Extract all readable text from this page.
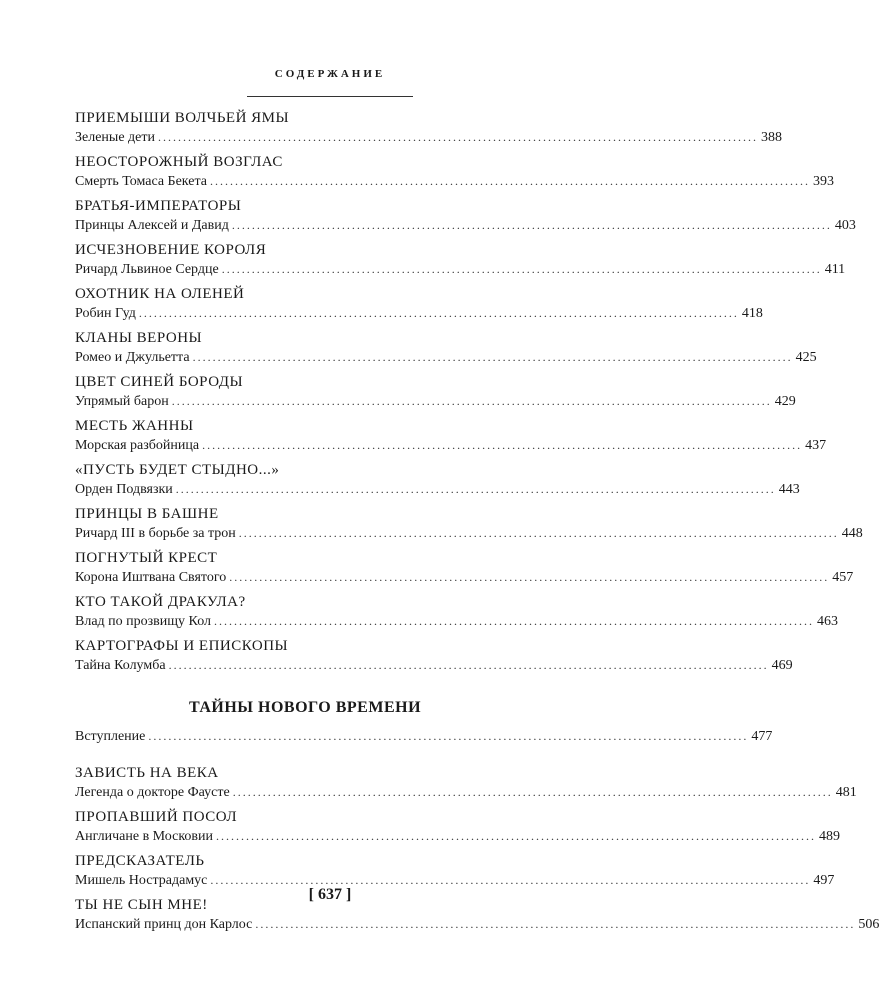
СОДЕРЖАНИЕ
ПРИЕМЫШИ ВОЛЧЬЕЙ ЯМЫ
Зеленые дети ........................................................................................................................ 388
НЕОСТОРОЖНЫЙ ВОЗГЛАС
Смерть Томаса Бекета ........................................................................................................................ 393
БРАТЬЯ-ИМПЕРАТОРЫ
Принцы Алексей и Давид ........................................................................................................................ 403
ИСЧЕЗНОВЕНИЕ КОРОЛЯ
Ричард Львиное Сердце ........................................................................................................................ 411
ОХОТНИК НА ОЛЕНЕЙ
Робин Гуд ........................................................................................................................ 418
КЛАНЫ ВЕРОНЫ
Ромео и Джульетта ........................................................................................................................ 425
ЦВЕТ СИНЕЙ БОРОДЫ
Упрямый барон ........................................................................................................................ 429
МЕСТЬ ЖАННЫ
Морская разбойница ........................................................................................................................ 437
«ПУСТЬ БУДЕТ СТЫДНО...»
Орден Подвязки ........................................................................................................................ 443
ПРИНЦЫ В БАШНЕ
Ричард III в борьбе за трон ........................................................................................................................ 448
ПОГНУТЫЙ КРЕСТ
Корона Иштвана Святого ........................................................................................................................ 457
КТО ТАКОЙ ДРАКУЛА?
Влад по прозвищу Кол ........................................................................................................................ 463
КАРТОГРАФЫ И ЕПИСКОПЫ
Тайна Колумба ........................................................................................................................ 469
ТАЙНЫ НОВОГО ВРЕМЕНИ
Вступление ........................................................................................................................ 477
ЗАВИСТЬ НА ВЕКА
Легенда о докторе Фаусте ........................................................................................................................ 481
ПРОПАВШИЙ ПОСОЛ
Англичане в Московии ........................................................................................................................ 489
ПРЕДСКАЗАТЕЛЬ
Мишель Нострадамус ........................................................................................................................ 497
ТЫ НЕ СЫН МНЕ!
Испанский принц дон Карлос ........................................................................................................................ 506
[ 637 ]
